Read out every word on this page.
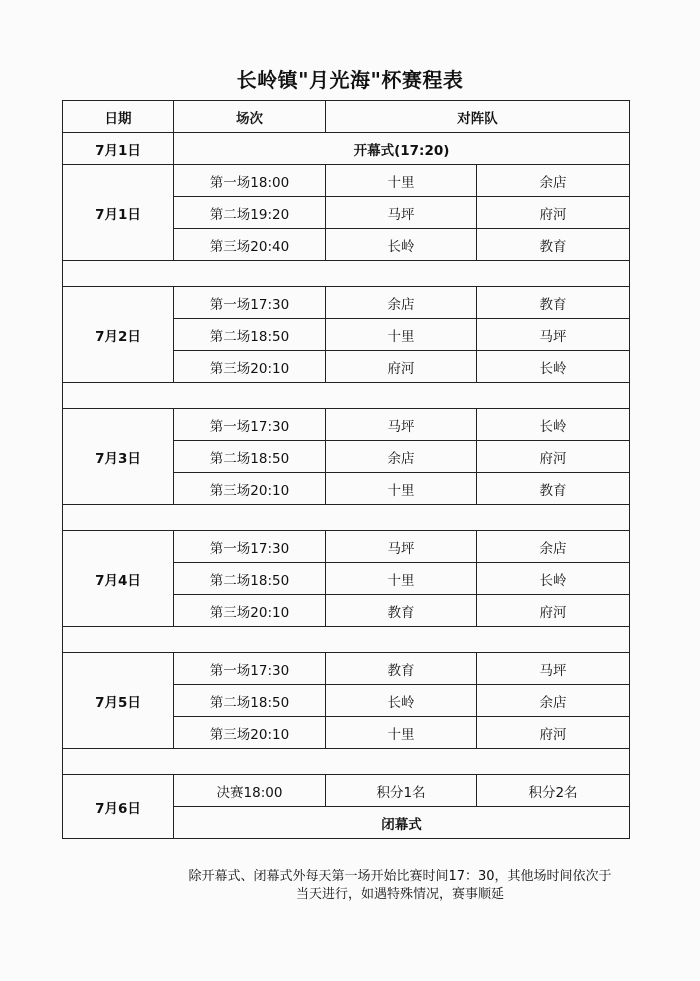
长岭镇"月光海"杯赛程表
日期	场次	对阵队	
7月1日	开幕式(17:20)		
7月1日	第一场18:00	十里	余店
	第二场19:20	马坪	府河
	第三场20:40	长岭	教育

7月2日	第一场17:30	余店	教育
	第二场18:50	十里	马坪
	第三场20:10	府河	长岭

7月3日	第一场17:30	马坪	长岭
	第二场18:50	余店	府河
	第三场20:10	十里	教育

7月4日	第一场17:30	马坪	余店
	第二场18:50	十里	长岭
	第三场20:10	教育	府河

7月5日	第一场17:30	教育	马坪
	第二场18:50	长岭	余店
	第三场20:10	十里	府河

7月6日	决赛18:00	积分1名	积分2名
	闭幕式		
除开幕式、闭幕式外每天第一场开始比赛时间17：30，其他场时间依次于
当天进行，如遇特殊情况，赛事顺延
